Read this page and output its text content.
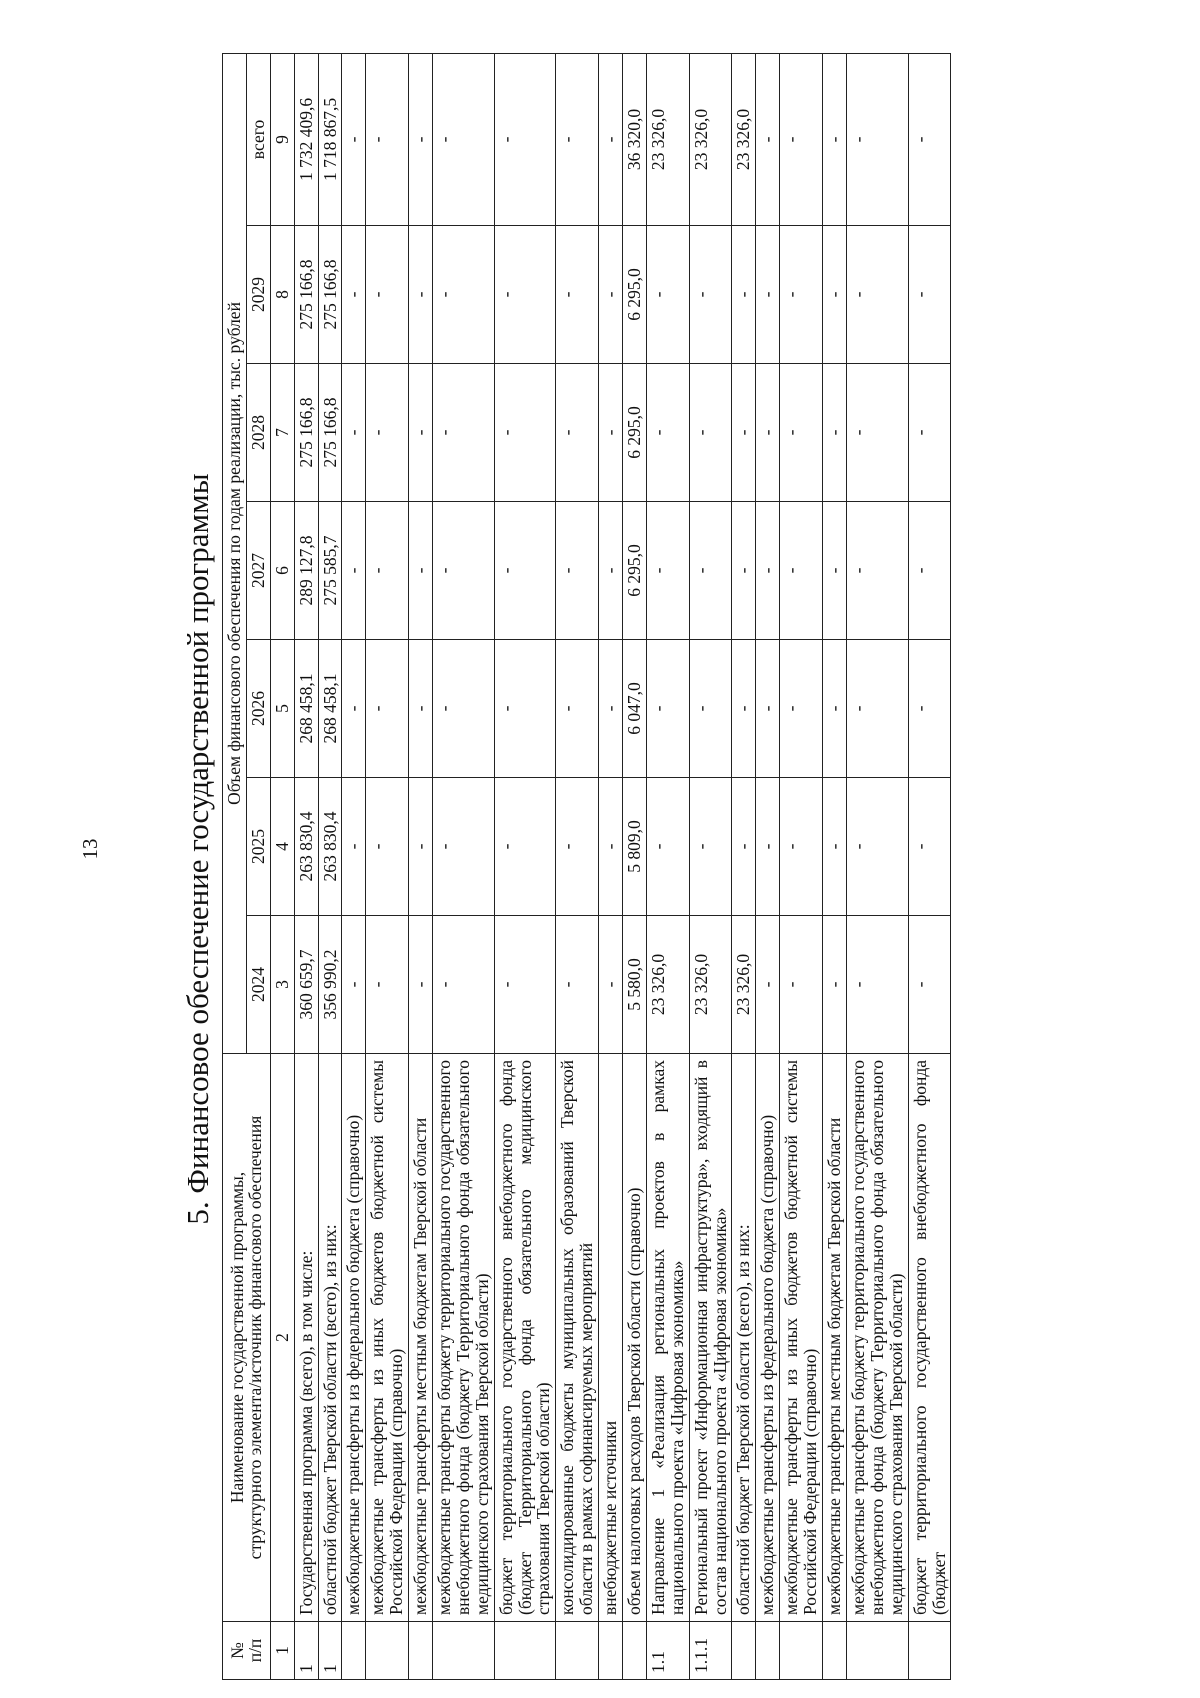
13	5. Финансовое обеспечение государственной программы
№
п/п	Наименование государственной программы,
структурного элемента/источник финансового обеспечения	Объем финансового обеспечения по годам реализации, тыс. рублей						
		2024	2025	2026	2027	2028	2029	всего
1	2	3	4	5	6	7	8	9
1	Государственная программа (всего), в том числе:	360 659,7	263 830,4	268 458,1	289 127,8	275 166,8	275 166,8	1 732 409,6
1	областной бюджет Тверской области (всего), из них:	356 990,2	263 830,4	268 458,1	275 585,7	275 166,8	275 166,8	1 718 867,5
	межбюджетные трансферты из федерального бюджета (справочно)	-	-	-	-	-	-	-
	межбюджетные трансферты из иных бюджетов бюджетной системы Российской Федерации (справочно)	-	-	-	-	-	-	-
	межбюджетные трансферты местным бюджетам Тверской области	-	-	-	-	-	-	-
	межбюджетные трансферты бюджету территориального государственного внебюджетного фонда (бюджету Территориального фонда обязательного медицинского страхования Тверской области)	-	-	-	-	-	-	-
	бюджет территориального государственного внебюджетного фонда (бюджет Территориального фонда обязательного медицинского страхования Тверской области)	-	-	-	-	-	-	-
	консолидированные бюджеты муниципальных образований Тверской области в рамках софинансируемых мероприятий	-	-	-	-	-	-	-
	внебюджетные источники	-	-	-	-	-	-	-
	объем налоговых расходов Тверской области (справочно)	5 580,0	5 809,0	6 047,0	6 295,0	6 295,0	6 295,0	36 320,0
1.1	Направление 1 «Реализация региональных проектов в рамках национального проекта «Цифровая экономика»	23 326,0	-	-	-	-	-	23 326,0
1.1.1	Региональный проект «Информационная инфраструктура», входящий в состав национального проекта «Цифровая экономика»	23 326,0	-	-	-	-	-	23 326,0
	областной бюджет Тверской области (всего), из них:	23 326,0	-	-	-	-	-	23 326,0
	межбюджетные трансферты из федерального бюджета (справочно)	-	-	-	-	-	-	-
	межбюджетные трансферты из иных бюджетов бюджетной системы Российской Федерации (справочно)	-	-	-	-	-	-	-
	межбюджетные трансферты местным бюджетам Тверской области	-	-	-	-	-	-	-
	межбюджетные трансферты бюджету территориального государственного внебюджетного фонда (бюджету Территориального фонда обязательного медицинского страхования Тверской области)	-	-	-	-	-	-	-
	бюджет территориального государственного внебюджетного фонда (бюджет	-	-	-	-	-	-	-
